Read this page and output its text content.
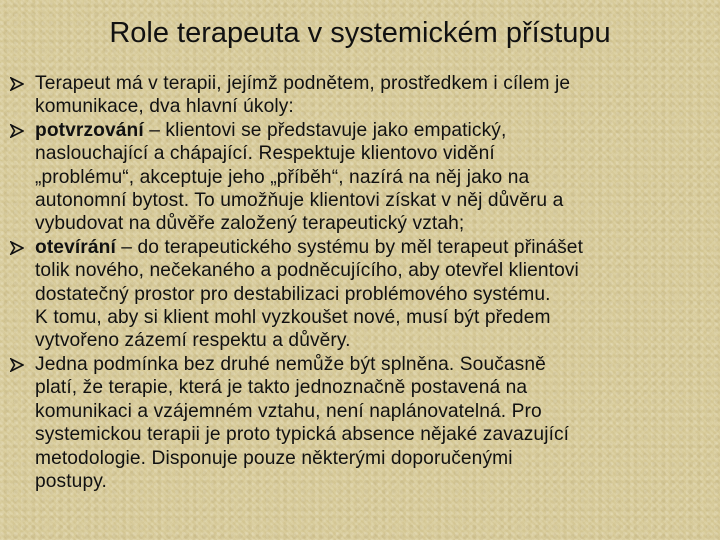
Role terapeuta v systemickém přístupu
Terapeut má v terapii, jejímž podnětem, prostředkem i cílem je
komunikace, dva hlavní úkoly:
potvrzování – klientovi se představuje jako empatický,
naslouchající a chápající. Respektuje klientovo vidění
„problému“, akceptuje jeho „příběh“, nazírá na něj jako na
autonomní bytost. To umožňuje klientovi získat v něj důvěru a
vybudovat na důvěře založený terapeutický vztah;
otevírání – do terapeutického systému by měl terapeut přinášet
tolik nového, nečekaného a podněcujícího, aby otevřel klientovi
dostatečný prostor pro destabilizaci problémového systému.
K tomu, aby si klient mohl vyzkoušet nové, musí být předem
vytvořeno zázemí respektu a důvěry.
Jedna podmínka bez druhé nemůže být splněna. Současně
platí, že terapie, která je takto jednoznačně postavená na
komunikaci a vzájemném vztahu, není naplánovatelná. Pro
systemickou terapii je proto typická absence nějaké zavazující
metodologie. Disponuje pouze některými doporučenými
postupy.
